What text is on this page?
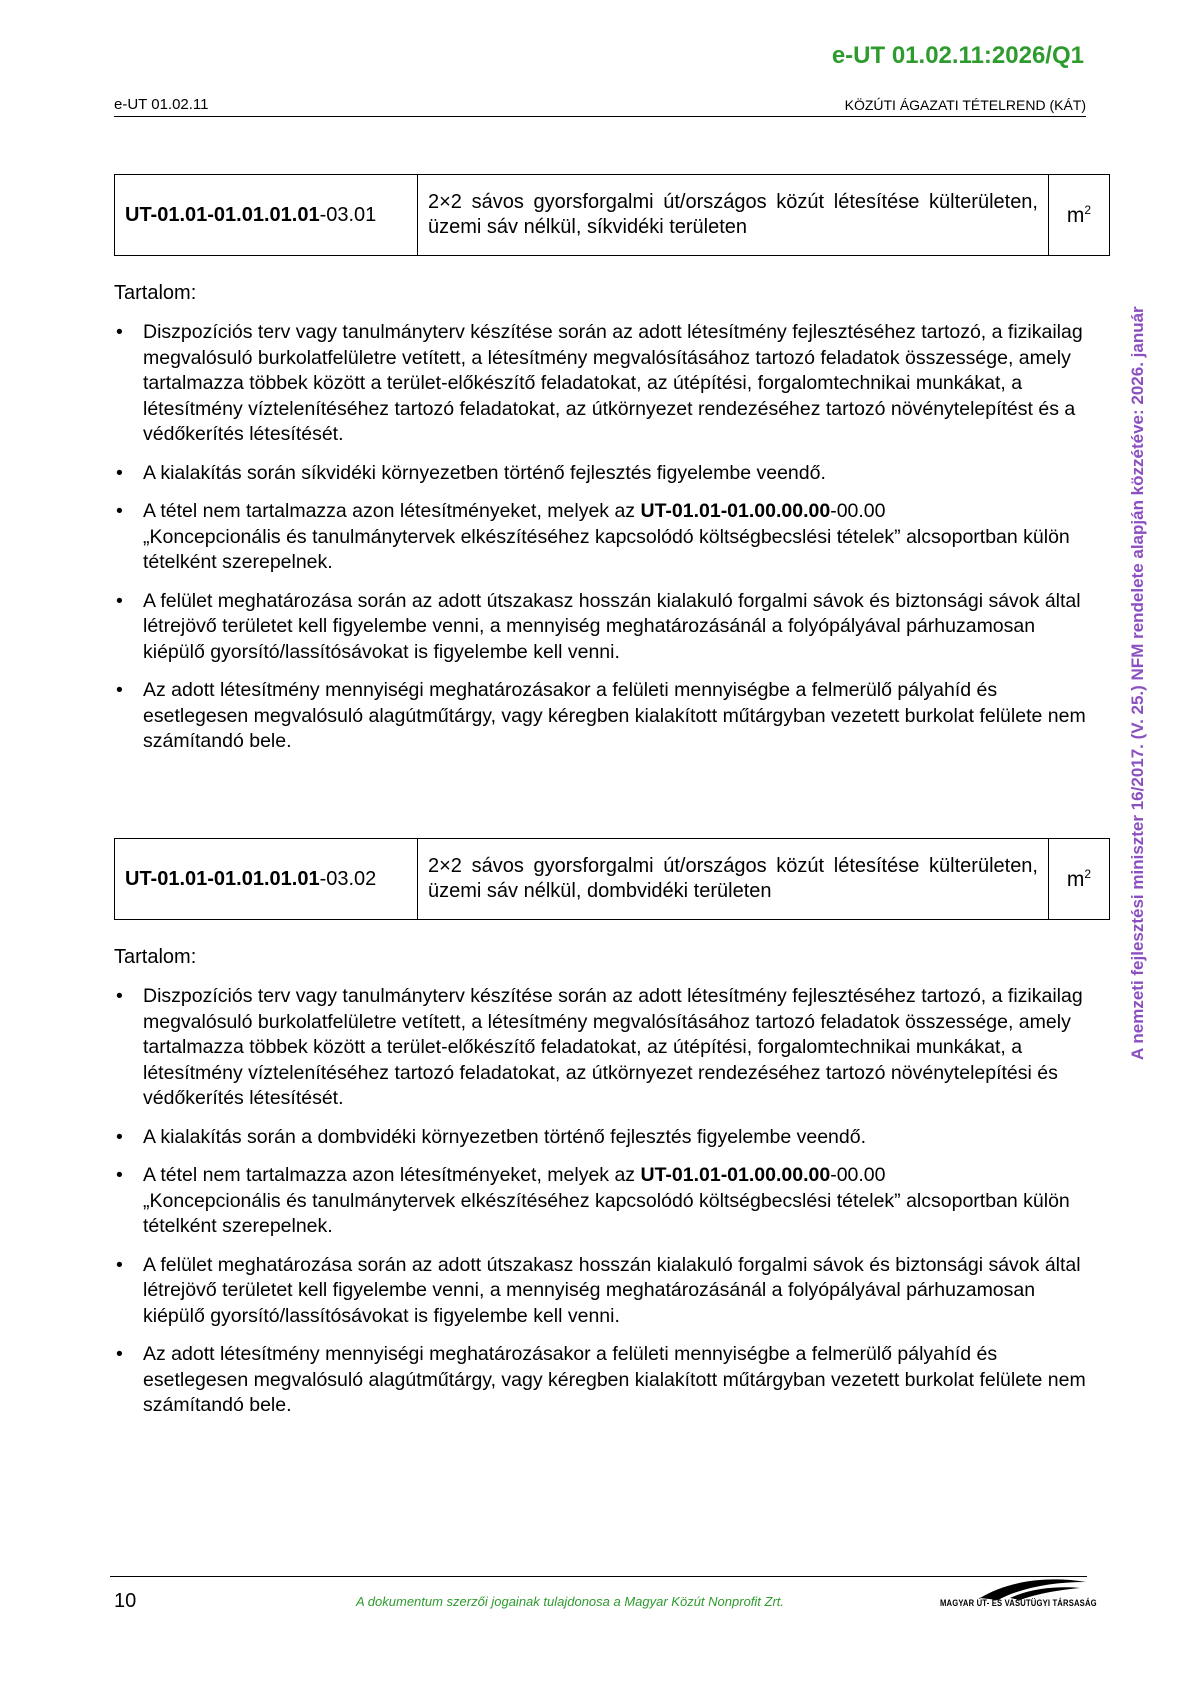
e-UT 01.02.11:2026/Q1
e-UT 01.02.11	KÖZÚTI ÁGAZATI TÉTELREND (KÁT)
A nemzeti fejlesztési miniszter 16/2017. (V. 25.) NFM rendelete alapján közzétéve: 2026. január
UT-01.01-01.01.01.01-03.01	2×2 sávos gyorsforgalmi út/országos közút létesítése külterületen, üzemi sáv nélkül, síkvidéki területen	$m^2$
Tartalom:
• Diszpozíciós terv vagy tanulmányterv készítése során az adott létesítmény fejlesztéséhez tartozó, a fizikailag megvalósuló burkolatfelületre vetített, a létesítmény megvalósításához tartozó feladatok összessége, amely tartalmazza többek között a terület-előkészítő feladatokat, az útépítési, forgalomtechnikai munkákat, a létesítmény víztelenítéséhez tartozó feladatokat, az útkörnyezet rendezéséhez tartozó növénytelepítést és a védőkerítés létesítését.
• A kialakítás során síkvidéki környezetben történő fejlesztés figyelembe veendő.
• A tétel nem tartalmazza azon létesítményeket, melyek az UT-01.01-01.00.00.00-00.00
„Koncepcionális és tanulmánytervek elkészítéséhez kapcsolódó költségbecslési tételek” alcsoportban külön tételként szerepelnek.
• A felület meghatározása során az adott útszakasz hosszán kialakuló forgalmi sávok és biztonsági sávok által létrejövő területet kell figyelembe venni, a mennyiség meghatározásánál a folyópályával párhuzamosan kiépülő gyorsító/lassítósávokat is figyelembe kell venni.
• Az adott létesítmény mennyiségi meghatározásakor a felületi mennyiségbe a felmerülő pályahíd és esetlegesen megvalósuló alagútműtárgy, vagy kéregben kialakított műtárgyban vezetett burkolat felülete nem számítandó bele.
UT-01.01-01.01.01.01-03.02	2×2 sávos gyorsforgalmi út/országos közút létesítése külterületen, üzemi sáv nélkül, dombvidéki területen	$m^2$
Tartalom:
• Diszpozíciós terv vagy tanulmányterv készítése során az adott létesítmény fejlesztéséhez tartozó, a fizikailag megvalósuló burkolatfelületre vetített, a létesítmény megvalósításához tartozó feladatok összessége, amely tartalmazza többek között a terület-előkészítő feladatokat, az útépítési, forgalomtechnikai munkákat, a létesítmény víztelenítéséhez tartozó feladatokat, az útkörnyezet rendezéséhez tartozó növénytelepítési és védőkerítés létesítését.
• A kialakítás során a dombvidéki környezetben történő fejlesztés figyelembe veendő.
• A tétel nem tartalmazza azon létesítményeket, melyek az UT-01.01-01.00.00.00-00.00
„Koncepcionális és tanulmánytervek elkészítéséhez kapcsolódó költségbecslési tételek” alcsoportban külön tételként szerepelnek.
• A felület meghatározása során az adott útszakasz hosszán kialakuló forgalmi sávok és biztonsági sávok által létrejövő területet kell figyelembe venni, a mennyiség meghatározásánál a folyópályával párhuzamosan kiépülő gyorsító/lassítósávokat is figyelembe kell venni.
• Az adott létesítmény mennyiségi meghatározásakor a felületi mennyiségbe a felmerülő pályahíd és esetlegesen megvalósuló alagútműtárgy, vagy kéregben kialakított műtárgyban vezetett burkolat felülete nem számítandó bele.
10	A dokumentum szerzői jogainak tulajdonosa a Magyar Közút Nonprofit Zrt.	MAGYAR ÚT- ÉS VASÚTÜGYI TÁRSASÁG
